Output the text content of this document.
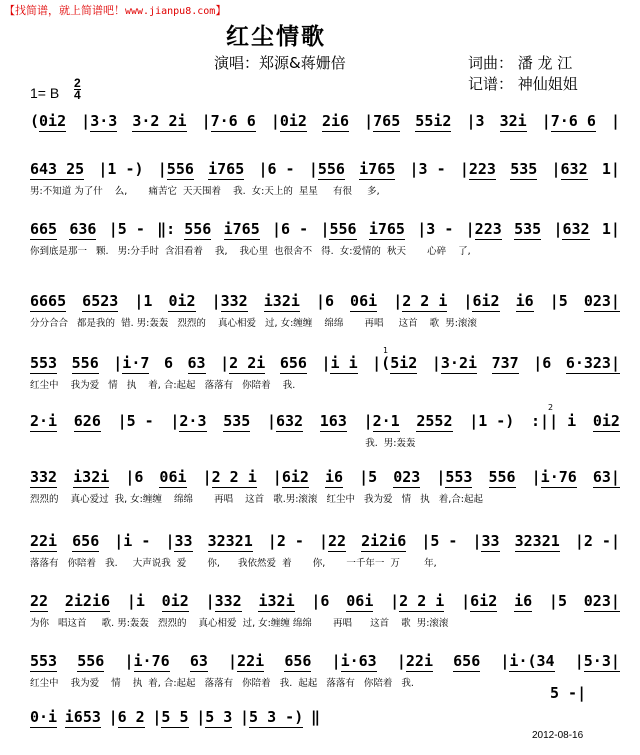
【找简谱，就上简谱吧！www.jianpu8.com】
红尘情歌
演唱：郑源&蒋姗倍	词曲： 潘 龙 江
记谱： 神仙姐姐
1= B $\frac{2}{4}$
(0i2 |3·3 3·2 2i |7·6 6 |0i2 2i6 |765 55i2 |3 32i |7·6 6 |
643 25 |1 -) |556 i765 |6 - |556 i765 |3 - |223 535 |632 1|
男:不知道 为了什    么,       痛苦它  天天围着    我.  女:天上的  星星     有很     多,
665 636 |5 - ‖: 556 i765 |6 - |556 i765 |3 - |223 535 |632 1|
你到底是那一   颗.   男:分手时  含泪看着    我,    我心里  也很舍不   得.  女:爱情的  秋天       心碎    了,
6665 6523 |1 0i2 |332 i32i |6 06i |2 2 i |6i2 i6 |5 023|
分分合合   都是我的  错. 男:轰轰   烈烈的    真心相爱   过, 女:缠缠    绵绵       再唱     这首    歌  男:滚滚
553 556 |i·7 6 63 |2 2i 656 |i i |(5i2 |3·2i 737 |6 6·323|
红尘中    我为爱   情   执    着, 合:起起   落落有   你陪着    我.
2·i 626 |5 - |2·3 535 |632 163 |2·1 2552 |1 -) :|| i 0i2
我.  男:轰轰
332 i32i |6 06i |2 2 i |6i2 i6 |5 023 |553 556 |i·76 63|
烈烈的    真心爱过  我, 女:缠缠    绵绵       再唱    这首   歌.男:滚滚   红尘中   我为爱   情   执   着,合:起起
22i 656 |i - |33 32321 |2 - |22 2i2i6 |5 - |33 32321 |2 -|
落落有   你陪着   我.     大声说我  爱       你,      我依然爱  着       你,       一千年一  万        年,
22 2i2i6 |i 0i2 |332 i32i |6 06i |2 2 i |6i2 i6 |5 023|
为你   唱这首     歌. 男:轰轰   烈烈的    真心相爱  过, 女:缠缠 绵绵       再唱      这首    歌  男:滚滚
553 556 |i·76 63 |22i 656 |i·63 |22i 656 |i·(34 |5·3|
红尘中    我为爱    情    执  着, 合:起起   落落有   你陪着   我.  起起   落落有   你陪着   我.
0·i i653 |6 2 |5 5 |5 3 |5 3 -) ‖
1
2
5 -|
2012-08-16
